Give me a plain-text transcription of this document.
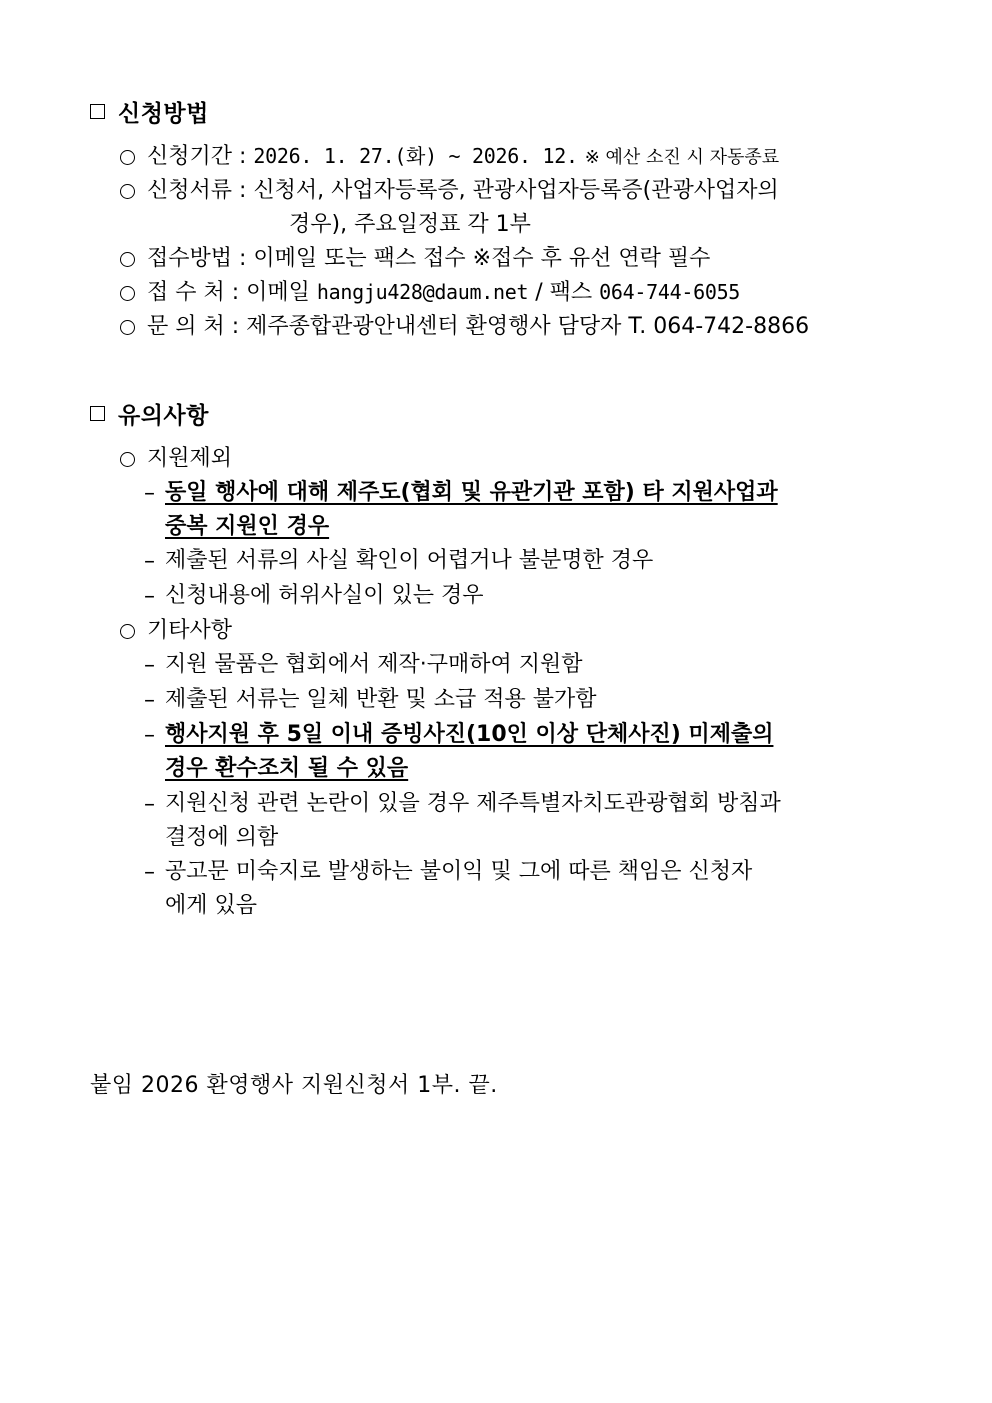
신청방법
신청기간 : 2026. 1. 27.(화) ~ 2026. 12. ※ 예산 소진 시 자동종료
신청서류 : 신청서, 사업자등록증, 관광사업자등록증(관광사업자의
경우), 주요일정표 각 1부
접수방법 : 이메일 또는 팩스 접수 ※접수 후 유선 연락 필수
접 수 처 : 이메일 hangju428@daum.net / 팩스 064-744-6055
문 의 처 : 제주종합관광안내센터 환영행사 담당자 T. 064-742-8866
유의사항
지원제외
– 동일 행사에 대해 제주도(협회 및 유관기관 포함) 타 지원사업과
중복 지원인 경우
– 제출된 서류의 사실 확인이 어렵거나 불분명한 경우
– 신청내용에 허위사실이 있는 경우
기타사항
– 지원 물품은 협회에서 제작·구매하여 지원함
– 제출된 서류는 일체 반환 및 소급 적용 불가함
– 행사지원 후 5일 이내 증빙사진(10인 이상 단체사진) 미제출의
경우 환수조치 될 수 있음
– 지원신청 관련 논란이 있을 경우 제주특별자치도관광협회 방침과
결정에 의함
– 공고문 미숙지로 발생하는 불이익 및 그에 따른 책임은 신청자
에게 있음
붙임 2026 환영행사 지원신청서 1부. 끝.
